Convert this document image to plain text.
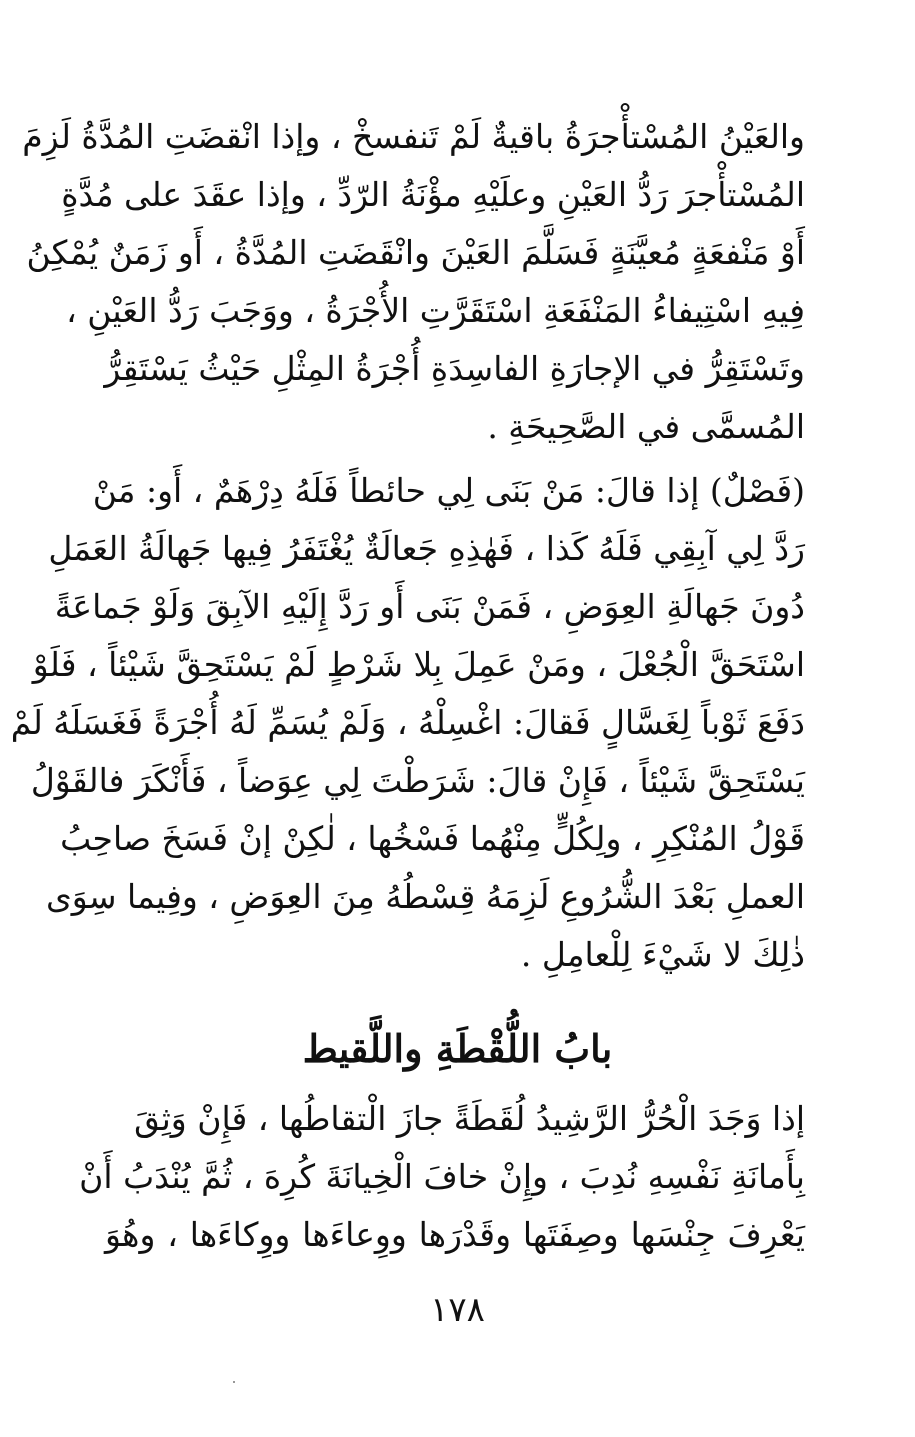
والعَيْنُ المُسْتأْجرَةُ باقيةٌ لَمْ تَنفسخْ ، وإذا انْقضَتِ المُدَّةُ لَزِمَ
المُسْتأْجرَ رَدُّ العَيْنِ وعلَيْهِ مؤْنَةُ الرّدِّ ، وإذا عقَدَ على مُدَّةٍ
أَوْ مَنْفعَةٍ مُعيَّنَةٍ فَسَلَّمَ العَيْنَ وانْقَضَتِ المُدَّةُ ، أَو زَمَنٌ يُمْكِنُ
فِيهِ اسْتِيفاءُ المَنْفَعَةِ اسْتَقَرَّتِ الأُجْرَةُ ، ووَجَبَ رَدُّ العَيْنِ ،
وتَسْتَقِرُّ في الإجارَةِ الفاسِدَةِ أُجْرَةُ المِثْلِ حَيْثُ يَسْتَقِرُّ
المُسمَّى في الصَّحِيحَةِ .
(فَصْلٌ) إذا قالَ: مَنْ بَنَى لِي حائطاً فَلَهُ دِرْهَمٌ ، أَو: مَنْ
رَدَّ لِي آبِقِي فَلَهُ كَذا ، فَهٰذِهِ جَعالَةٌ يُغْتَفَرُ فِيها جَهالَةُ العَمَلِ
دُونَ جَهالَةِ العِوَضِ ، فَمَنْ بَنَى أَو رَدَّ إِلَيْهِ الآبِقَ وَلَوْ جَماعَةً
اسْتَحَقَّ الْجُعْلَ ، ومَنْ عَمِلَ بِلا شَرْطٍ لَمْ يَسْتَحِقَّ شَيْئاً ، فَلَوْ
دَفَعَ ثَوْباً لِغَسَّالٍ فَقالَ: اغْسِلْهُ ، وَلَمْ يُسَمِّ لَهُ أُجْرَةً فَغَسَلَهُ لَمْ
يَسْتَحِقَّ شَيْئاً ، فَإِنْ قالَ: شَرَطْتَ لِي عِوَضاً ، فَأَنْكَرَ فالقَوْلُ
قَوْلُ المُنْكِرِ ، ولِكُلٍّ مِنْهُما فَسْخُها ، لٰكِنْ إنْ فَسَخَ صاحِبُ
العملِ بَعْدَ الشُّرُوعِ لَزِمَهُ قِسْطُهُ مِنَ العِوَضِ ، وفِيما سِوَى
ذٰلِكَ لا شَيْءَ لِلْعامِلِ .
بابُ اللُّقْطَةِ واللَّقيط
إذا وَجَدَ الْحُرُّ الرَّشِيدُ لُقَطَةً جازَ الْتقاطُها ، فَإِنْ وَثِقَ
بِأَمانَةِ نَفْسِهِ نُدِبَ ، وإِنْ خافَ الْخِيانَةَ كُرِهَ ، ثُمَّ يُنْدَبُ أَنْ
يَعْرِفَ جِنْسَها وصِفَتَها وقَدْرَها ووِعاءَها ووِكاءَها ، وهُوَ
١٧٨
